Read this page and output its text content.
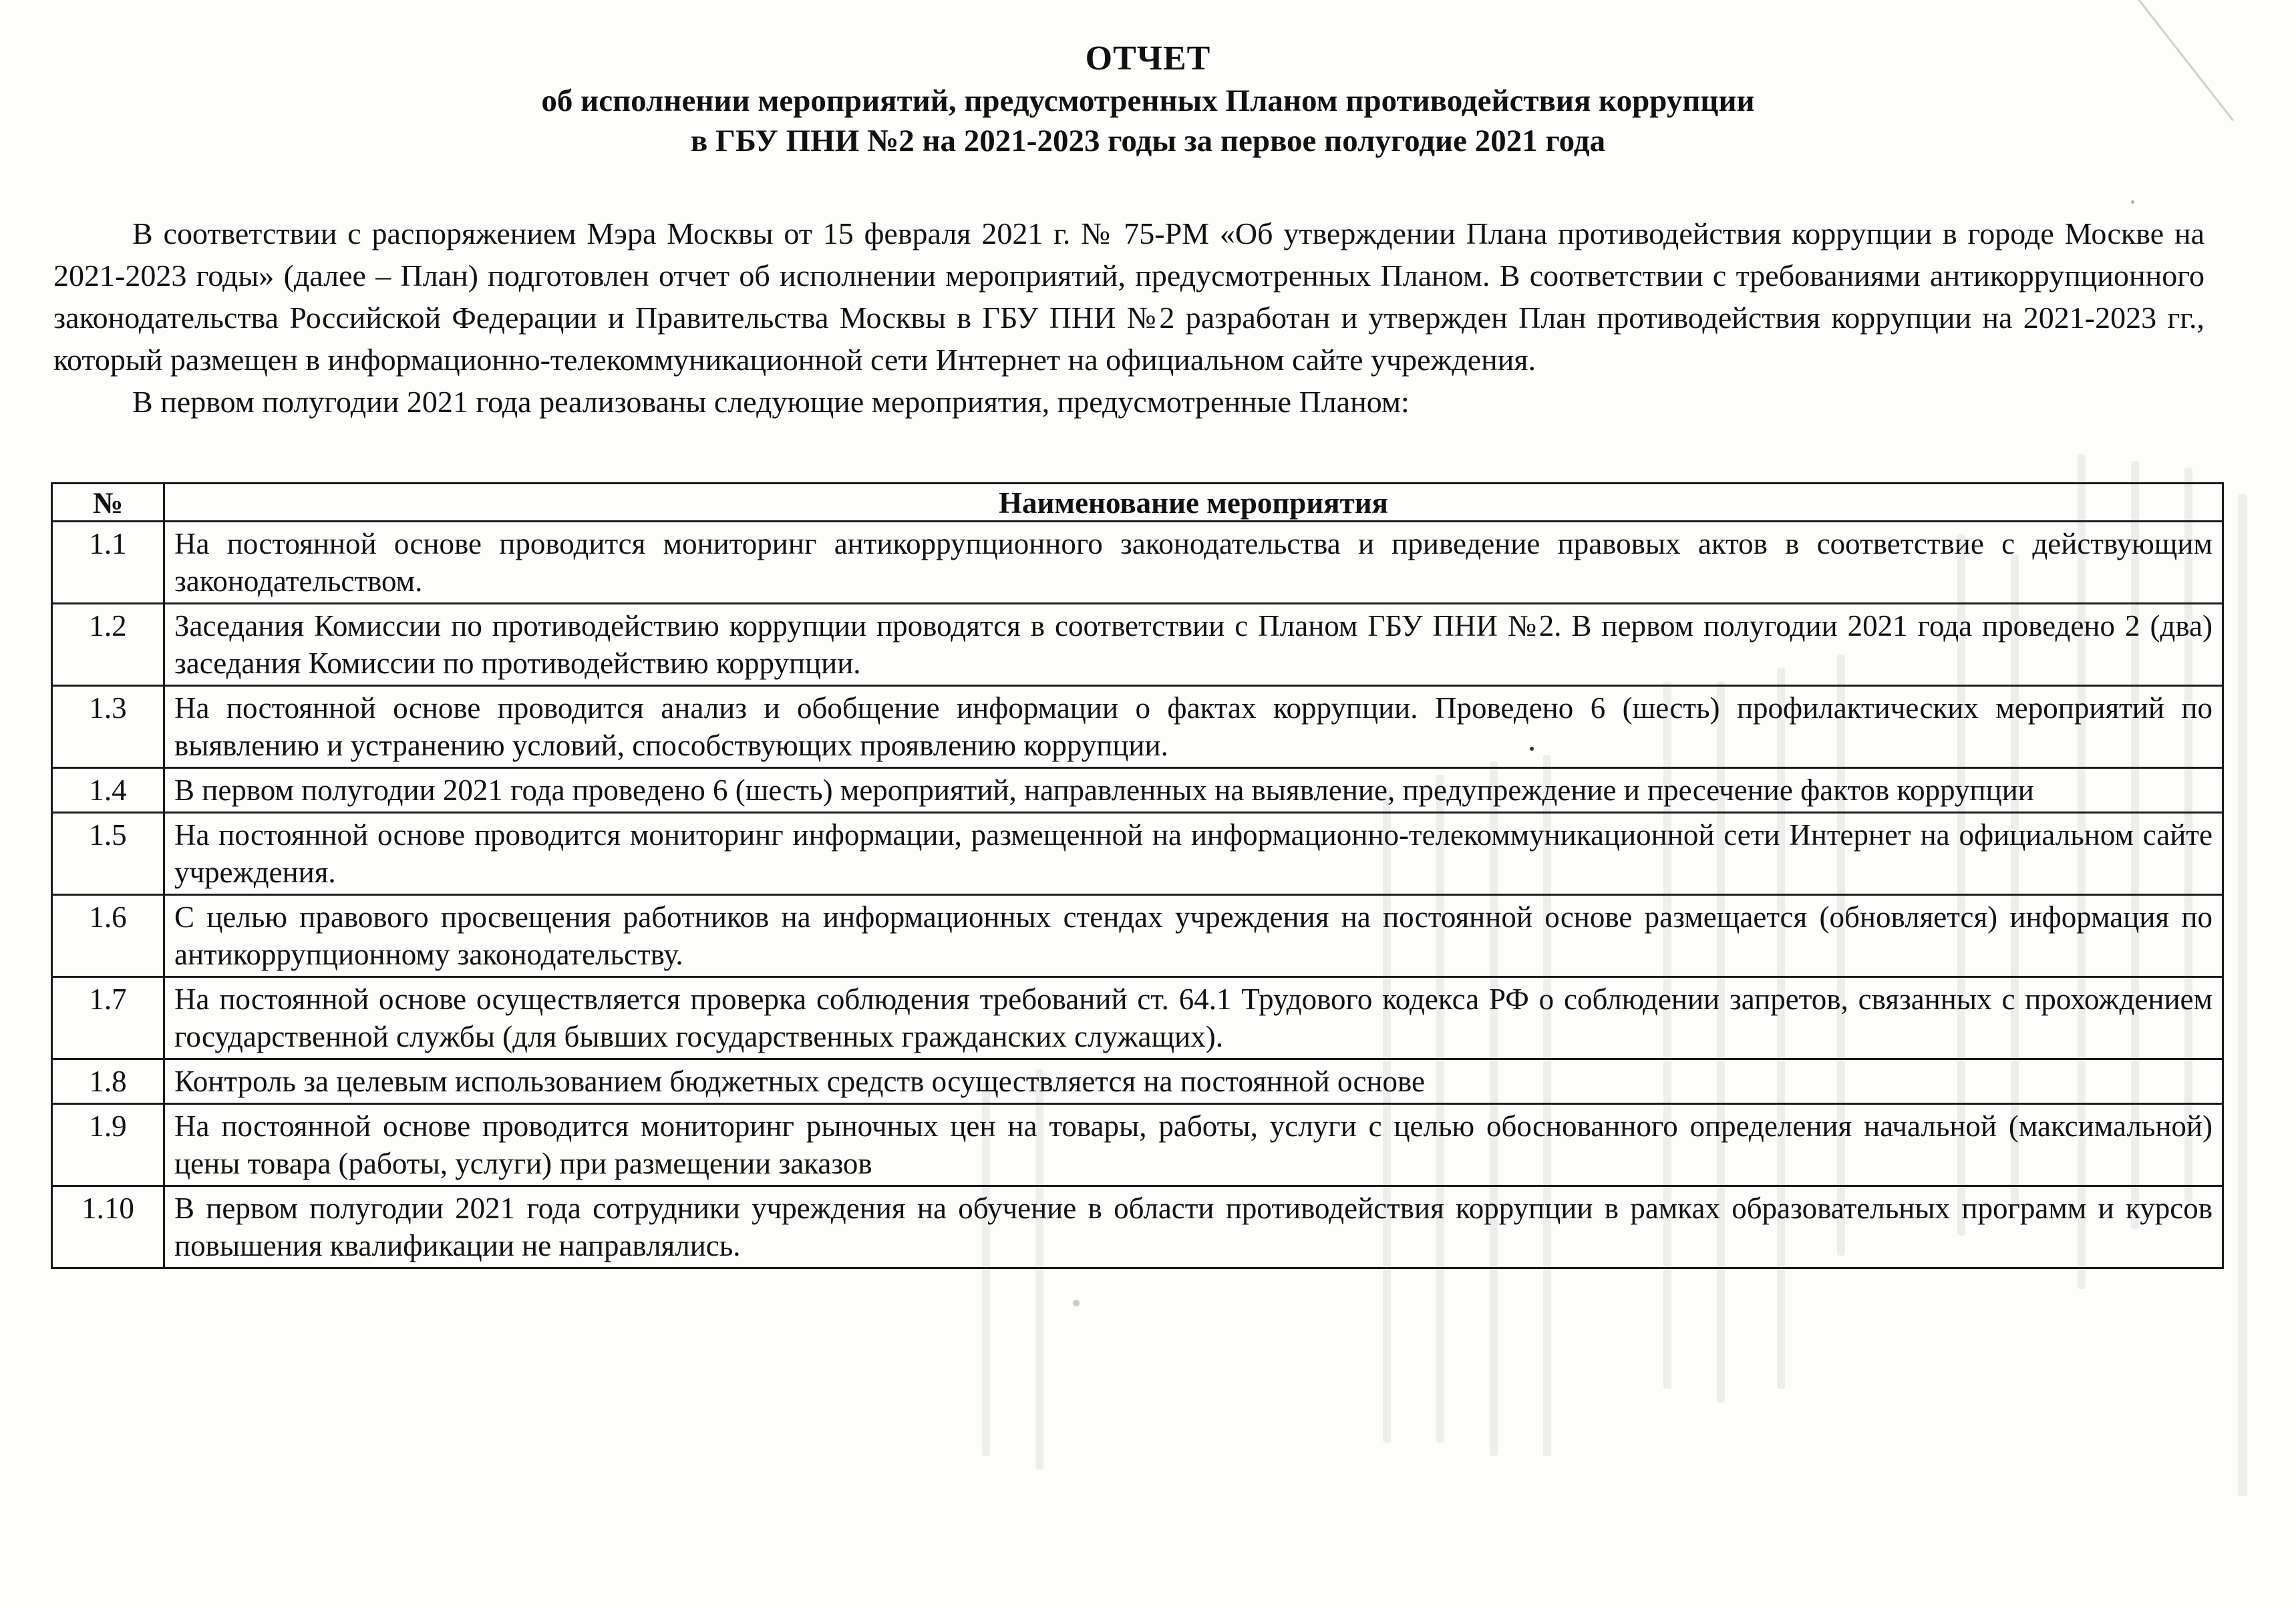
ОТЧЕТ
об исполнении мероприятий, предусмотренных Планом противодействия коррупции
в ГБУ ПНИ №2 на 2021-2023 годы за первое полугодие 2021 года

В соответствии с распоряжением Мэра Москвы от 15 февраля 2021 г. № 75-РМ «Об утверждении Плана противодействия коррупции в городе Москве на 2021-2023 годы» (далее – План) подготовлен отчет об исполнении мероприятий, предусмотренных Планом. В соответствии с требованиями антикоррупционного законодательства Российской Федерации и Правительства Москвы в ГБУ ПНИ №2 разработан и утвержден План противодействия коррупции на 2021-2023 гг., который размещен в информационно-телекоммуникационной сети Интернет на официальном сайте учреждения.

В первом полугодии 2021 года реализованы следующие мероприятия, предусмотренные Планом:

№	Наименование мероприятия
1.1	На постоянной основе проводится мониторинг антикоррупционного законодательства и приведение правовых актов в соответствие с действующим законодательством.
1.2	Заседания Комиссии по противодействию коррупции проводятся в соответствии с Планом ГБУ ПНИ №2. В первом полугодии 2021 года проведено 2 (два) заседания Комиссии по противодействию коррупции.
1.3	На постоянной основе проводится анализ и обобщение информации о фактах коррупции. Проведено 6 (шесть) профилактических мероприятий по выявлению и устранению условий, способствующих проявлению коррупции.
1.4	В первом полугодии 2021 года проведено 6 (шесть) мероприятий, направленных на выявление, предупреждение и пресечение фактов коррупции
1.5	На постоянной основе проводится мониторинг информации, размещенной на информационно-телекоммуникационной сети Интернет на официальном сайте учреждения.
1.6	С целью правового просвещения работников на информационных стендах учреждения на постоянной основе размещается (обновляется) информация по антикоррупционному законодательству.
1.7	На постоянной основе осуществляется проверка соблюдения требований ст. 64.1 Трудового кодекса РФ о соблюдении запретов, связанных с прохождением государственной службы (для бывших государственных гражданских служащих).
1.8	Контроль за целевым использованием бюджетных средств осуществляется на постоянной основе
1.9	На постоянной основе проводится мониторинг рыночных цен на товары, работы, услуги с целью обоснованного определения начальной (максимальной) цены товара (работы, услуги) при размещении заказов
1.10	В первом полугодии 2021 года сотрудники учреждения на обучение в области противодействия коррупции в рамках образовательных программ и курсов повышения квалификации не направлялись.
